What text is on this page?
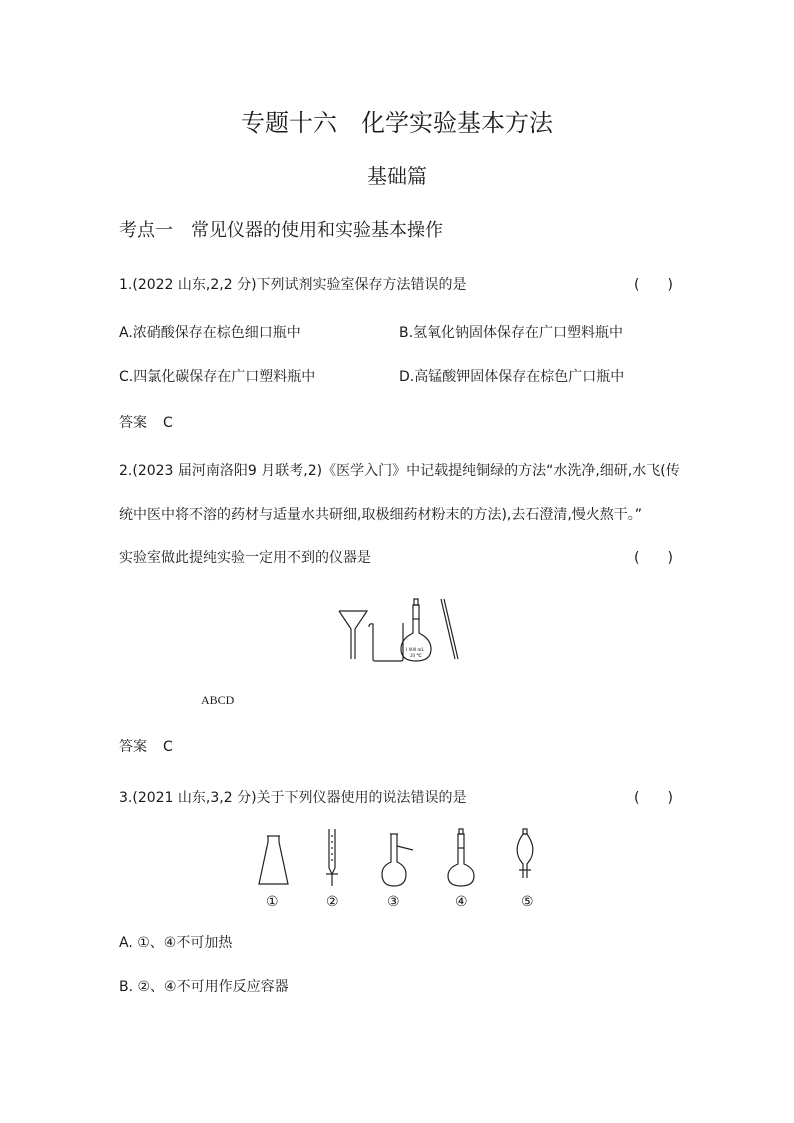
专题十六　化学实验基本方法
基础篇
考点一　常见仪器的使用和实验基本操作
1.(2022 山东,2,2 分)下列试剂实验室保存方法错误的是	(　　)
A.浓硝酸保存在棕色细口瓶中	B.氢氧化钠固体保存在广口塑料瓶中
C.四氯化碳保存在广口塑料瓶中	D.高锰酸钾固体保存在棕色广口瓶中
答案 C
2.(2023 届河南洛阳9 月联考,2)《医学入门》中记载提纯铜绿的方法“水洗净,细研,水飞(传
统中医中将不溶的药材与适量水共研细,取极细药材粉末的方法),去石澄清,慢火熬干。”
实验室做此提纯实验一定用不到的仪器是	(　　)
1 000 mL
20 ℃
ABCD
答案 C
3.(2021 山东,3,2 分)关于下列仪器使用的说法错误的是	(　　)
①	②	③	④	⑤
A. ①、④不可加热
B. ②、④不可用作反应容器
